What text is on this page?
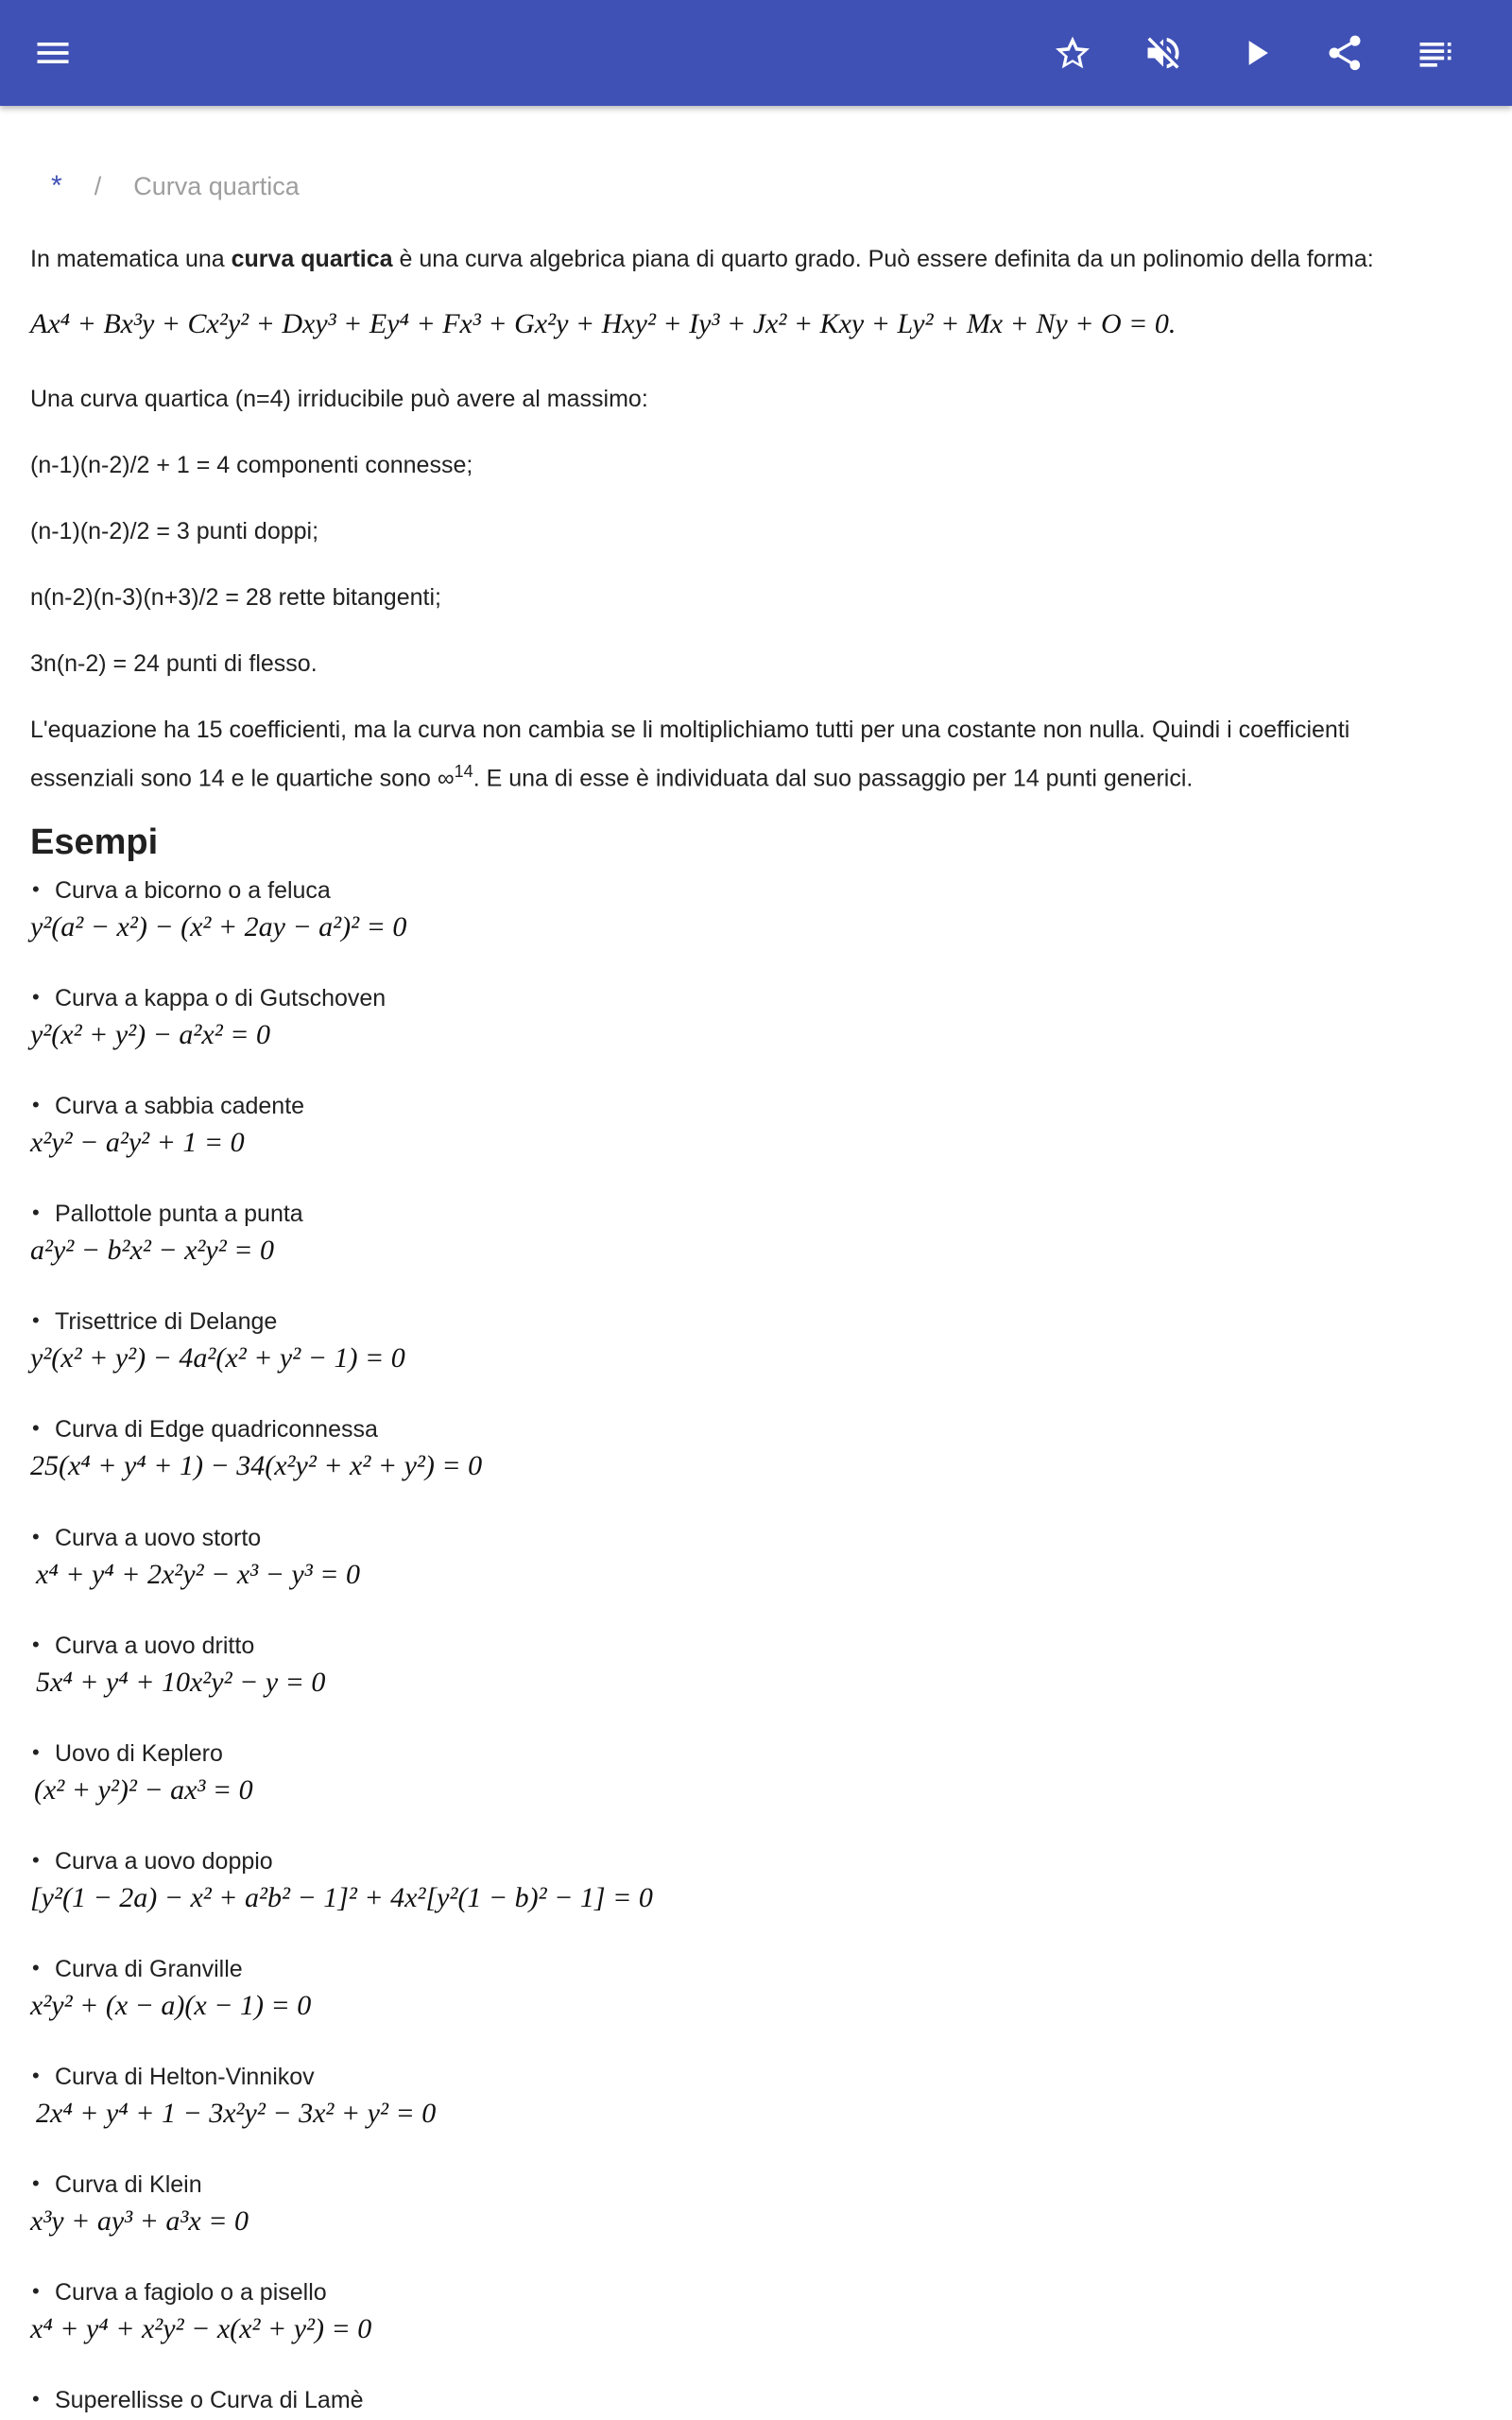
* / Curva quartica

In matematica una curva quartica è una curva algebrica piana di quarto grado. Può essere definita da un polinomio della forma:

Ax⁴ + Bx³y + Cx²y² + Dxy³ + Ey⁴ + Fx³ + Gx²y + Hxy² + Iy³ + Jx² + Kxy + Ly² + Mx + Ny + O = 0.

Una curva quartica (n=4) irriducibile può avere al massimo:

(n-1)(n-2)/2 + 1 = 4 componenti connesse;

(n-1)(n-2)/2 = 3 punti doppi;

n(n-2)(n-3)(n+3)/2 = 28 rette bitangenti;

3n(n-2) = 24 punti di flesso.

L'equazione ha 15 coefficienti, ma la curva non cambia se li moltiplichiamo tutti per una costante non nulla. Quindi i coefficienti
essenziali sono 14 e le quartiche sono ∞$^{14}$. E una di esse è individuata dal suo passaggio per 14 punti generici.

Esempi
• Curva a bicorno o a feluca
y²(a² − x²) − (x² + 2ay − a²)² = 0
• Curva a kappa o di Gutschoven
y²(x² + y²) − a²x² = 0
• Curva a sabbia cadente
x²y² − a²y² + 1 = 0
• Pallottole punta a punta
a²y² − b²x² − x²y² = 0
• Trisettrice di Delange
y²(x² + y²) − 4a²(x² + y² − 1) = 0
• Curva di Edge quadriconnessa
25(x⁴ + y⁴ + 1) − 34(x²y² + x² + y²) = 0
• Curva a uovo storto
x⁴ + y⁴ + 2x²y² − x³ − y³ = 0
• Curva a uovo dritto
5x⁴ + y⁴ + 10x²y² − y = 0
• Uovo di Keplero
(x² + y²)² − ax³ = 0
• Curva a uovo doppio
[y²(1 − 2a) − x² + a²b² − 1]² + 4x²[y²(1 − b)² − 1] = 0
• Curva di Granville
x²y² + (x − a)(x − 1) = 0
• Curva di Helton-Vinnikov
2x⁴ + y⁴ + 1 − 3x²y² − 3x² + y² = 0
• Curva di Klein
x³y + ay³ + a³x = 0
• Curva a fagiolo o a pisello
x⁴ + y⁴ + x²y² − x(x² + y²) = 0
• Superellisse o Curva di Lamè
